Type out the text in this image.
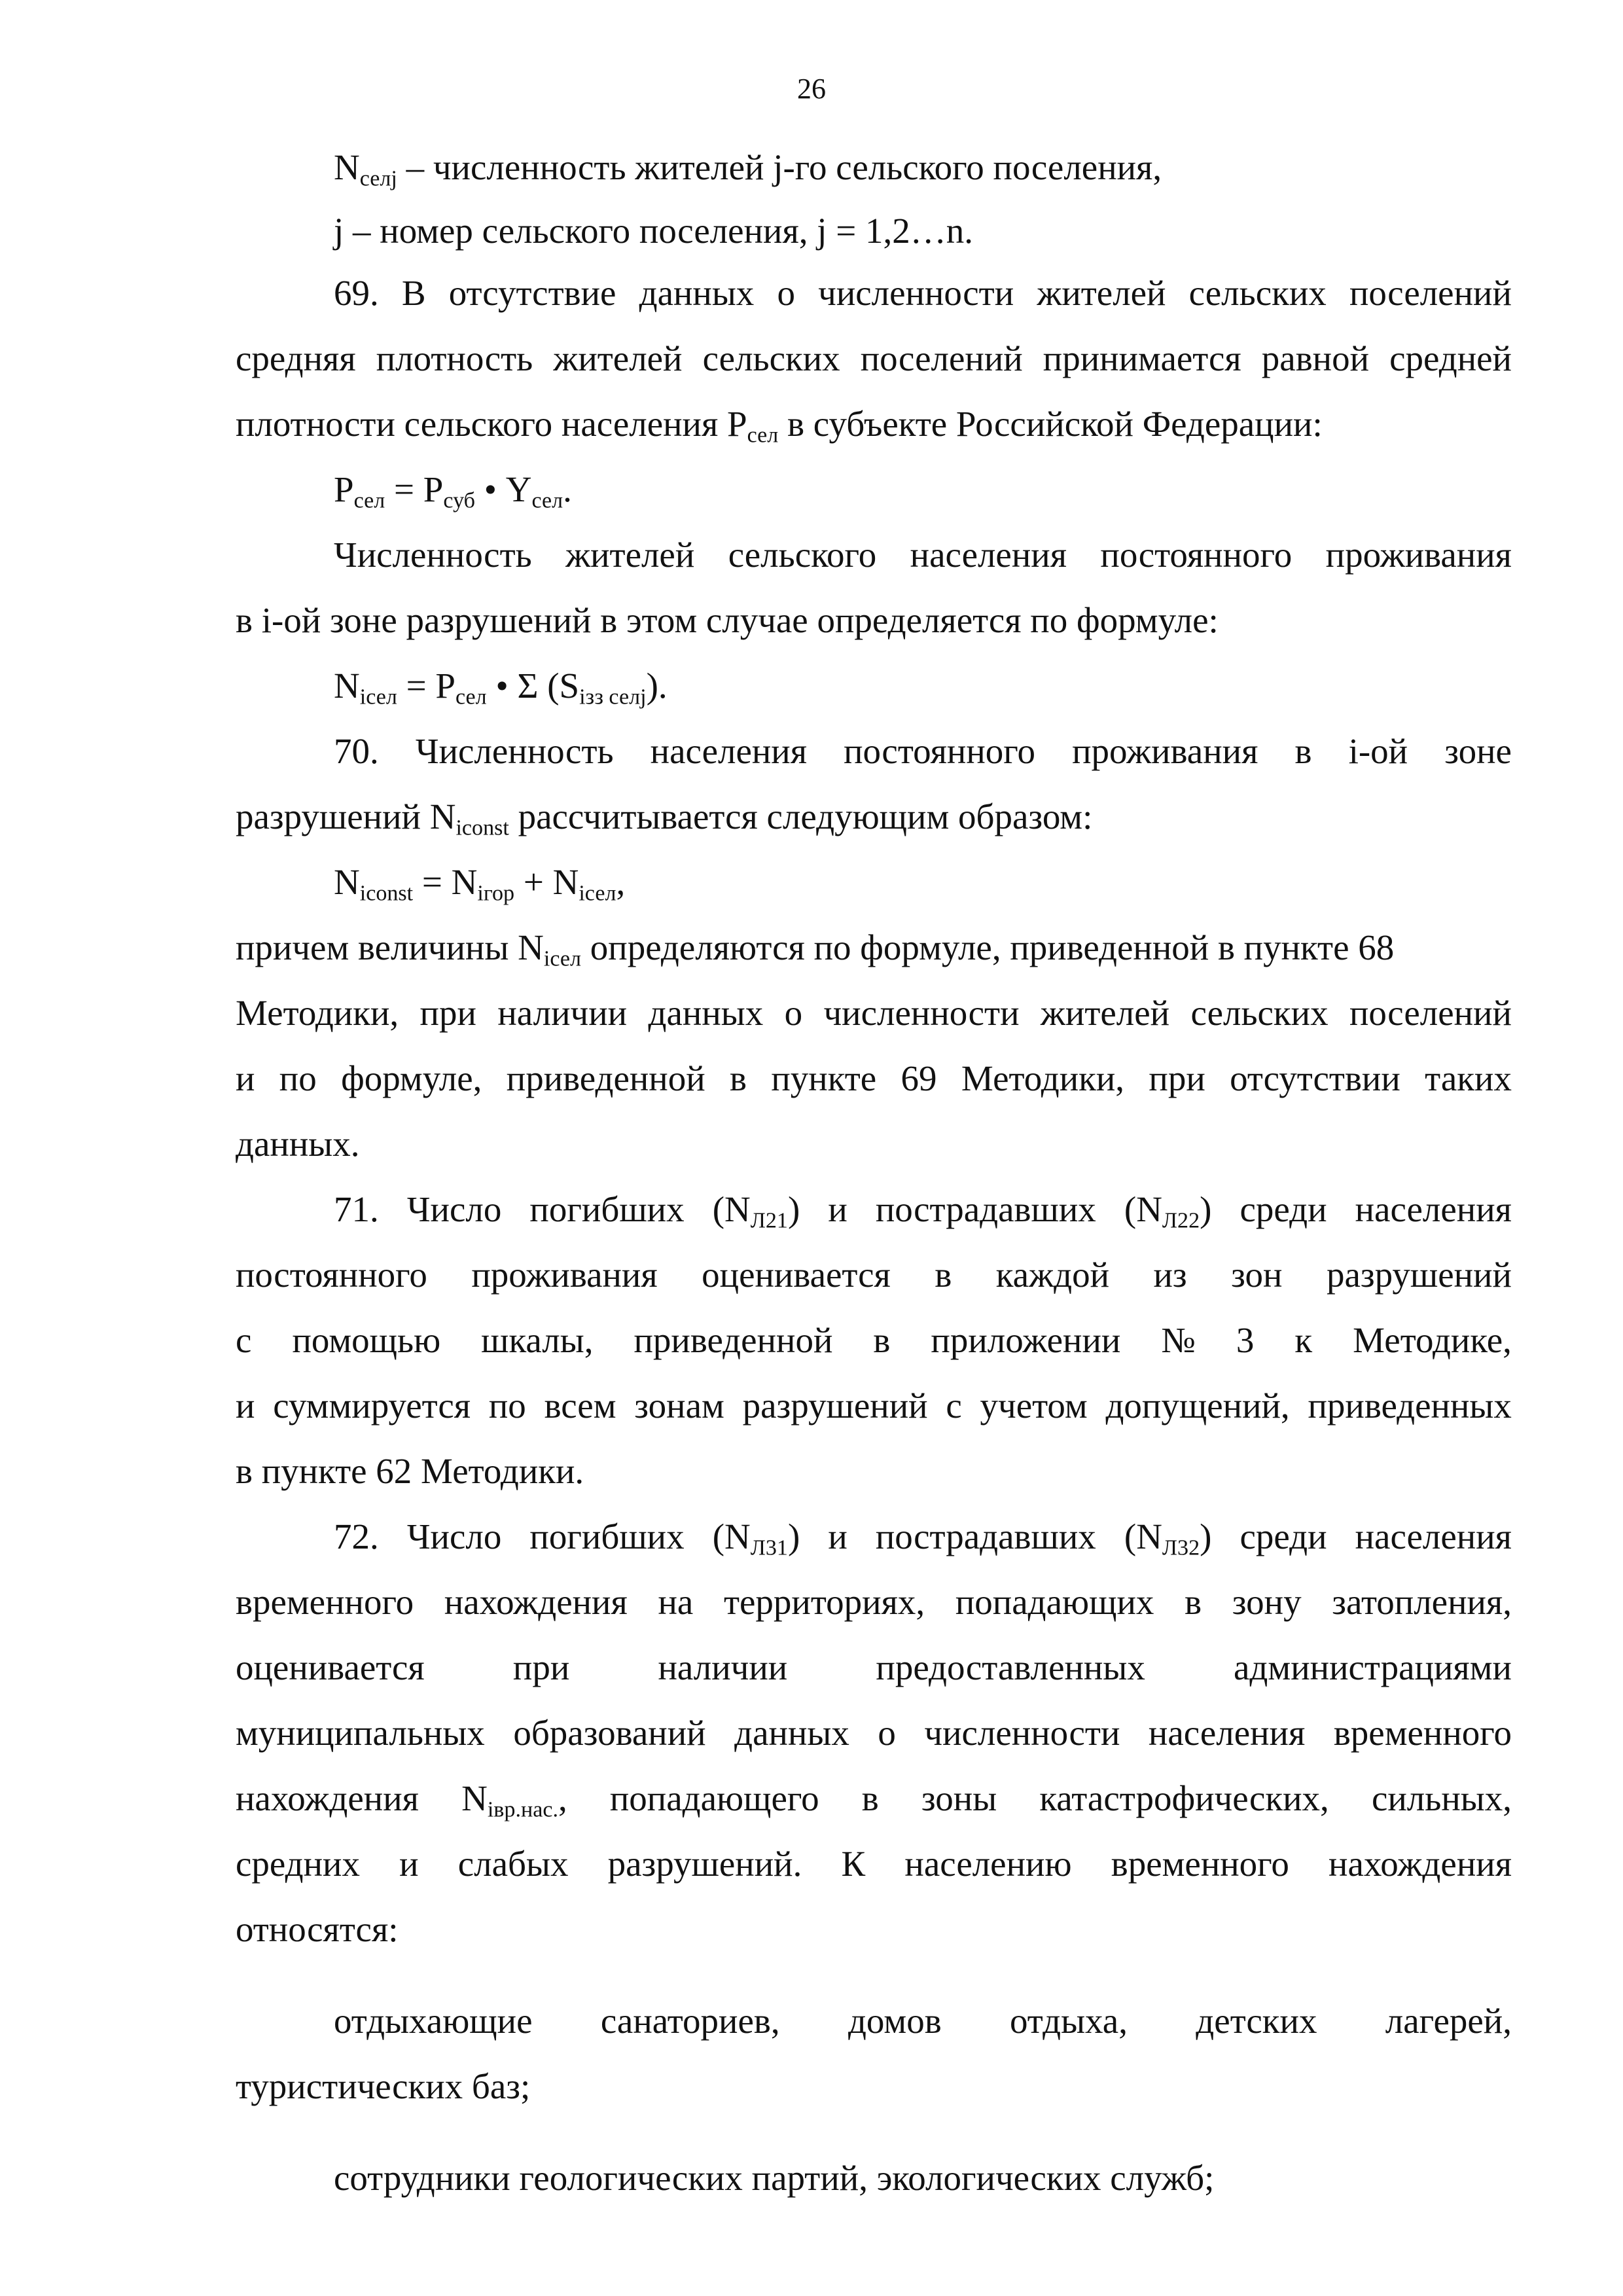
26
$N_{селj}$ – численность жителей j-го сельского поселения,
j – номер сельского поселения, j = 1,2…n.
69. В отсутствие данных о численности жителей сельских поселений
средняя плотность жителей сельских поселений принимается равной средней
плотности сельского населения $P_{сел}$ в субъекте Российской Федерации:
$P_{сел} = P_{суб}$ • $Y_{сел}$.
Численность жителей сельского населения постоянного проживания
в i-ой зоне разрушений в этом случае определяется по формуле:
$N_{iсел} = P_{сел}$ • Σ $(S_{iзз селj})$.
70. Численность населения постоянного проживания в i-ой зоне
разрушений $N_{iconst}$ рассчитывается следующим образом:
$N_{iconst} = N_{iгор} + N_{iсел}$,
причем величины $N_{iсел}$ определяются по формуле, приведенной в пункте 68
Методики, при наличии данных о численности жителей сельских поселений
и по формуле, приведенной в пункте 69 Методики, при отсутствии таких
данных.
71. Число погибших $(N_{Л21})$ и пострадавших $(N_{Л22})$ среди населения
постоянного проживания оценивается в каждой из зон разрушений
с помощью шкалы, приведенной в приложении № 3 к Методике,
и суммируется по всем зонам разрушений с учетом допущений, приведенных
в пункте 62 Методики.
72. Число погибших $(N_{Л31})$ и пострадавших $(N_{Л32})$ среди населения
временного нахождения на территориях, попадающих в зону затопления,
оценивается при наличии предоставленных администрациями
муниципальных образований данных о численности населения временного
нахождения $N_{iвр.нас.}$, попадающего в зоны катастрофических, сильных,
средних и слабых разрушений. К населению временного нахождения
относятся:
отдыхающие санаториев, домов отдыха, детских лагерей,
туристических баз;
сотрудники геологических партий, экологических служб;
